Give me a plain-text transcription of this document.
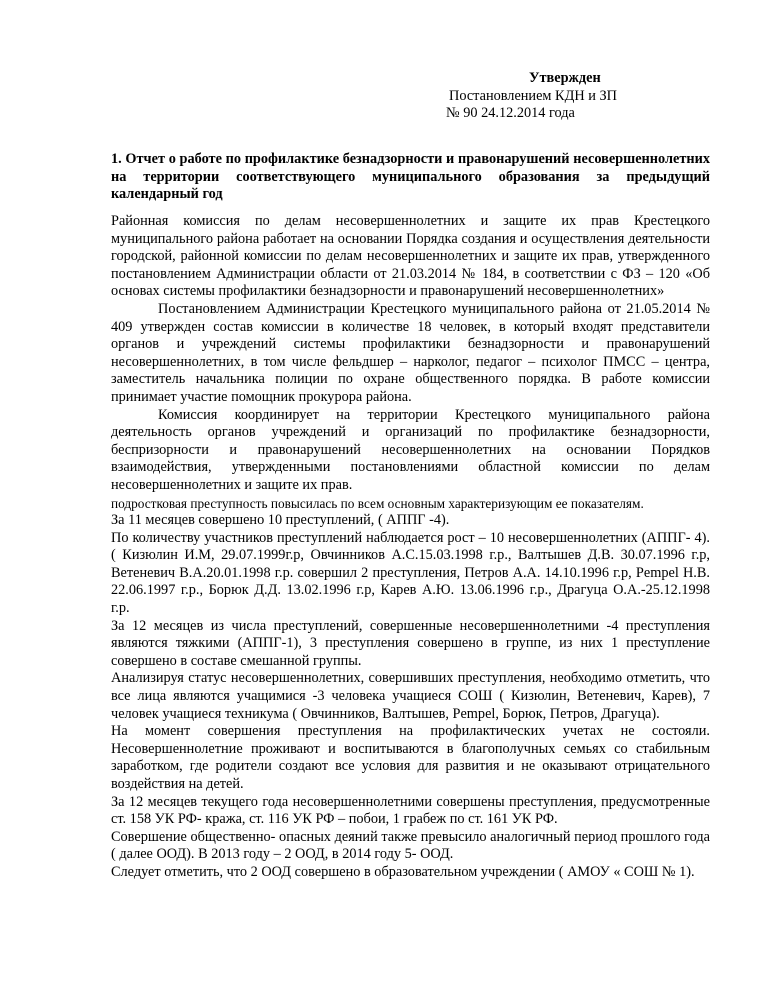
Утвержден
Постановлением КДН и ЗП
№ 90 24.12.2014 года
1. Отчет о работе по профилактике безнадзорности и правонарушений несовершеннолетних на территории соответствующего муниципального образования за предыдущий календарный год

Районная комиссия по делам несовершеннолетних и защите их прав Крестецкого муниципального района работает на основании Порядка создания и осуществления деятельности городской, районной комиссии по делам несовершеннолетних и защите их прав, утвержденного постановлением Администрации области от 21.03.2014 № 184, в соответствии с ФЗ – 120 «Об основах системы профилактики безнадзорности и правонарушений несовершеннолетних»

Постановлением Администрации Крестецкого муниципального района от 21.05.2014 № 409 утвержден состав комиссии в количестве 18 человек, в который входят представители органов и учреждений системы профилактики безнадзорности и правонарушений несовершеннолетних, в том числе фельдшер – нарколог, педагог – психолог ПМСС – центра, заместитель начальника полиции по охране общественного порядка. В работе комиссии принимает участие помощник прокурора района.

Комиссия координирует на территории Крестецкого муниципального района деятельность органов учреждений и организаций по профилактике безнадзорности, беспризорности и правонарушений несовершеннолетних на основании Порядков взаимодействия, утвержденными постановлениями областной комиссии по делам несовершеннолетних и защите их прав.

подростковая преступность повысилась по всем основным характеризующим ее показателям.

За 11 месяцев совершено 10 преступлений, ( АППГ -4).

По количеству участников преступлений наблюдается рост – 10 несовершеннолетних (АППГ- 4). ( Кизюлин И.М, 29.07.1999г.р, Овчинников А.С.15.03.1998 г.р., Валтышев Д.В. 30.07.1996 г.р, Ветеневич В.А.20.01.1998 г.р. совершил 2 преступления, Петров А.А. 14.10.1996 г.р, Рempel Н.В. 22.06.1997 г.р., Борюк Д.Д. 13.02.1996 г.р, Карев А.Ю. 13.06.1996 г.р., Драгуца О.А.-25.12.1998 г.р.

За 12 месяцев из числа преступлений, совершенные несовершеннолетними -4 преступления являются тяжкими (АППГ-1), 3 преступления совершено в группе, из них 1 преступление совершено в составе смешанной группы.

Анализируя статус несовершеннолетних, совершивших преступления, необходимо отметить, что все лица являются учащимися -3 человека учащиеся СОШ ( Кизюлин, Ветеневич, Карев), 7 человек учащиеся техникума ( Овчинников, Валтышев, Рempel, Борюк, Петров, Драгуца).

На момент совершения преступления на профилактических учетах не состояли. Несовершеннолетние проживают и воспитываются в благополучных семьях со стабильным заработком, где родители создают все условия для развития и не оказывают отрицательного воздействия на детей.

За 12 месяцев текущего года несовершеннолетними совершены преступления, предусмотренные ст. 158 УК РФ- кража, ст. 116 УК РФ – побои, 1 грабеж по ст. 161 УК РФ.

Совершение общественно- опасных деяний также превысило аналогичный период прошлого года ( далее ООД). В 2013 году – 2 ООД, в 2014 году 5- ООД.

Следует отметить, что 2 ООД совершено в образовательном учреждении ( АМОУ « СОШ № 1).
